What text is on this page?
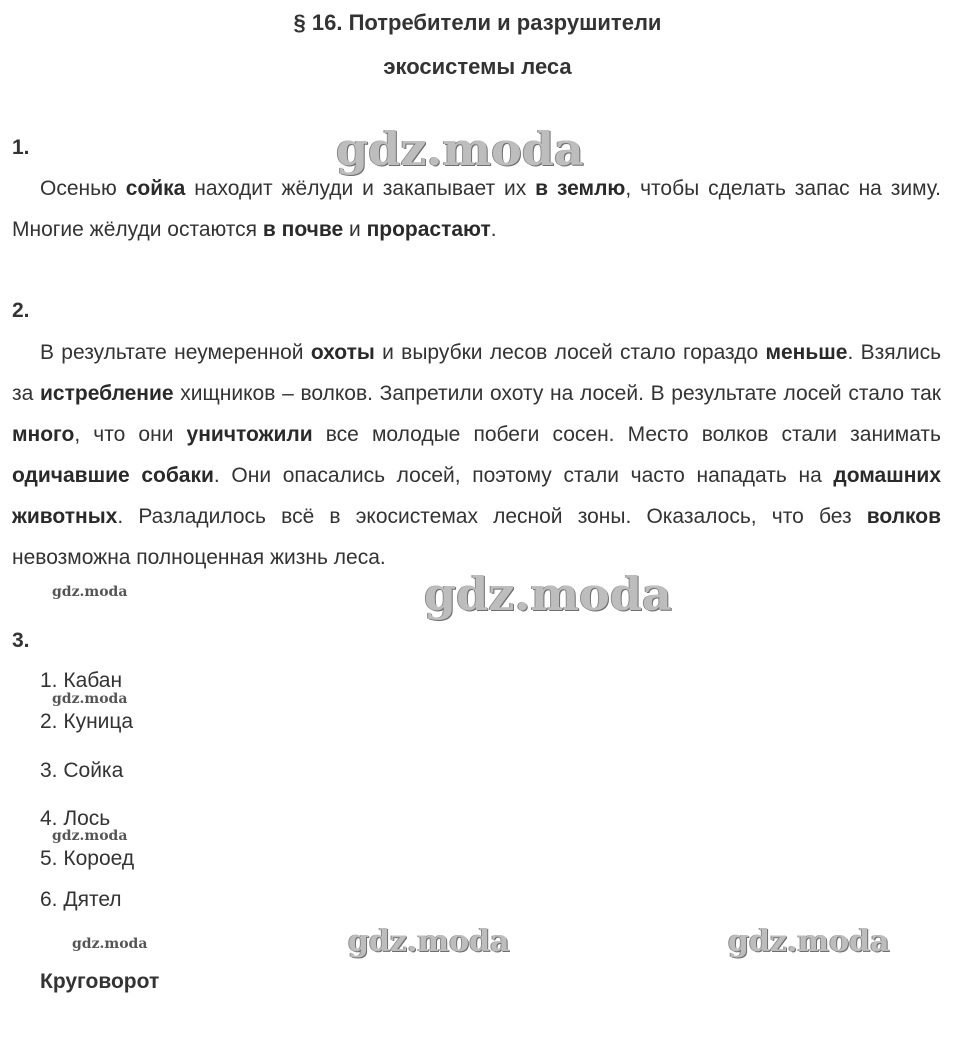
§ 16. Потребители и разрушители
экосистемы леса
1.
Осенью сойка находит жёлуди и закапывает их в землю, чтобы сделать запас на зиму. Многие жёлуди остаются в почве и прорастают.
2.
В результате неумеренной охоты и вырубки лесов лосей стало гораздо меньше. Взялись за истребление хищников – волков. Запретили охоту на лосей. В результате лосей стало так много, что они уничтожили все молодые побеги сосен. Место волков стали занимать одичавшие собаки. Они опасались лосей, поэтому стали часто нападать на домашних животных. Разладилось всё в экосистемах лесной зоны. Оказалось, что без волков невозможна полноценная жизнь леса.
3.
1. Кабан
2. Куница
3. Сойка
4. Лось
5. Короед
6. Дятел
Круговорот
gdz.moda
gdz.moda
gdz.moda	gdz.moda
gdz.moda
gdz.moda
gdz.moda
gdz.moda
